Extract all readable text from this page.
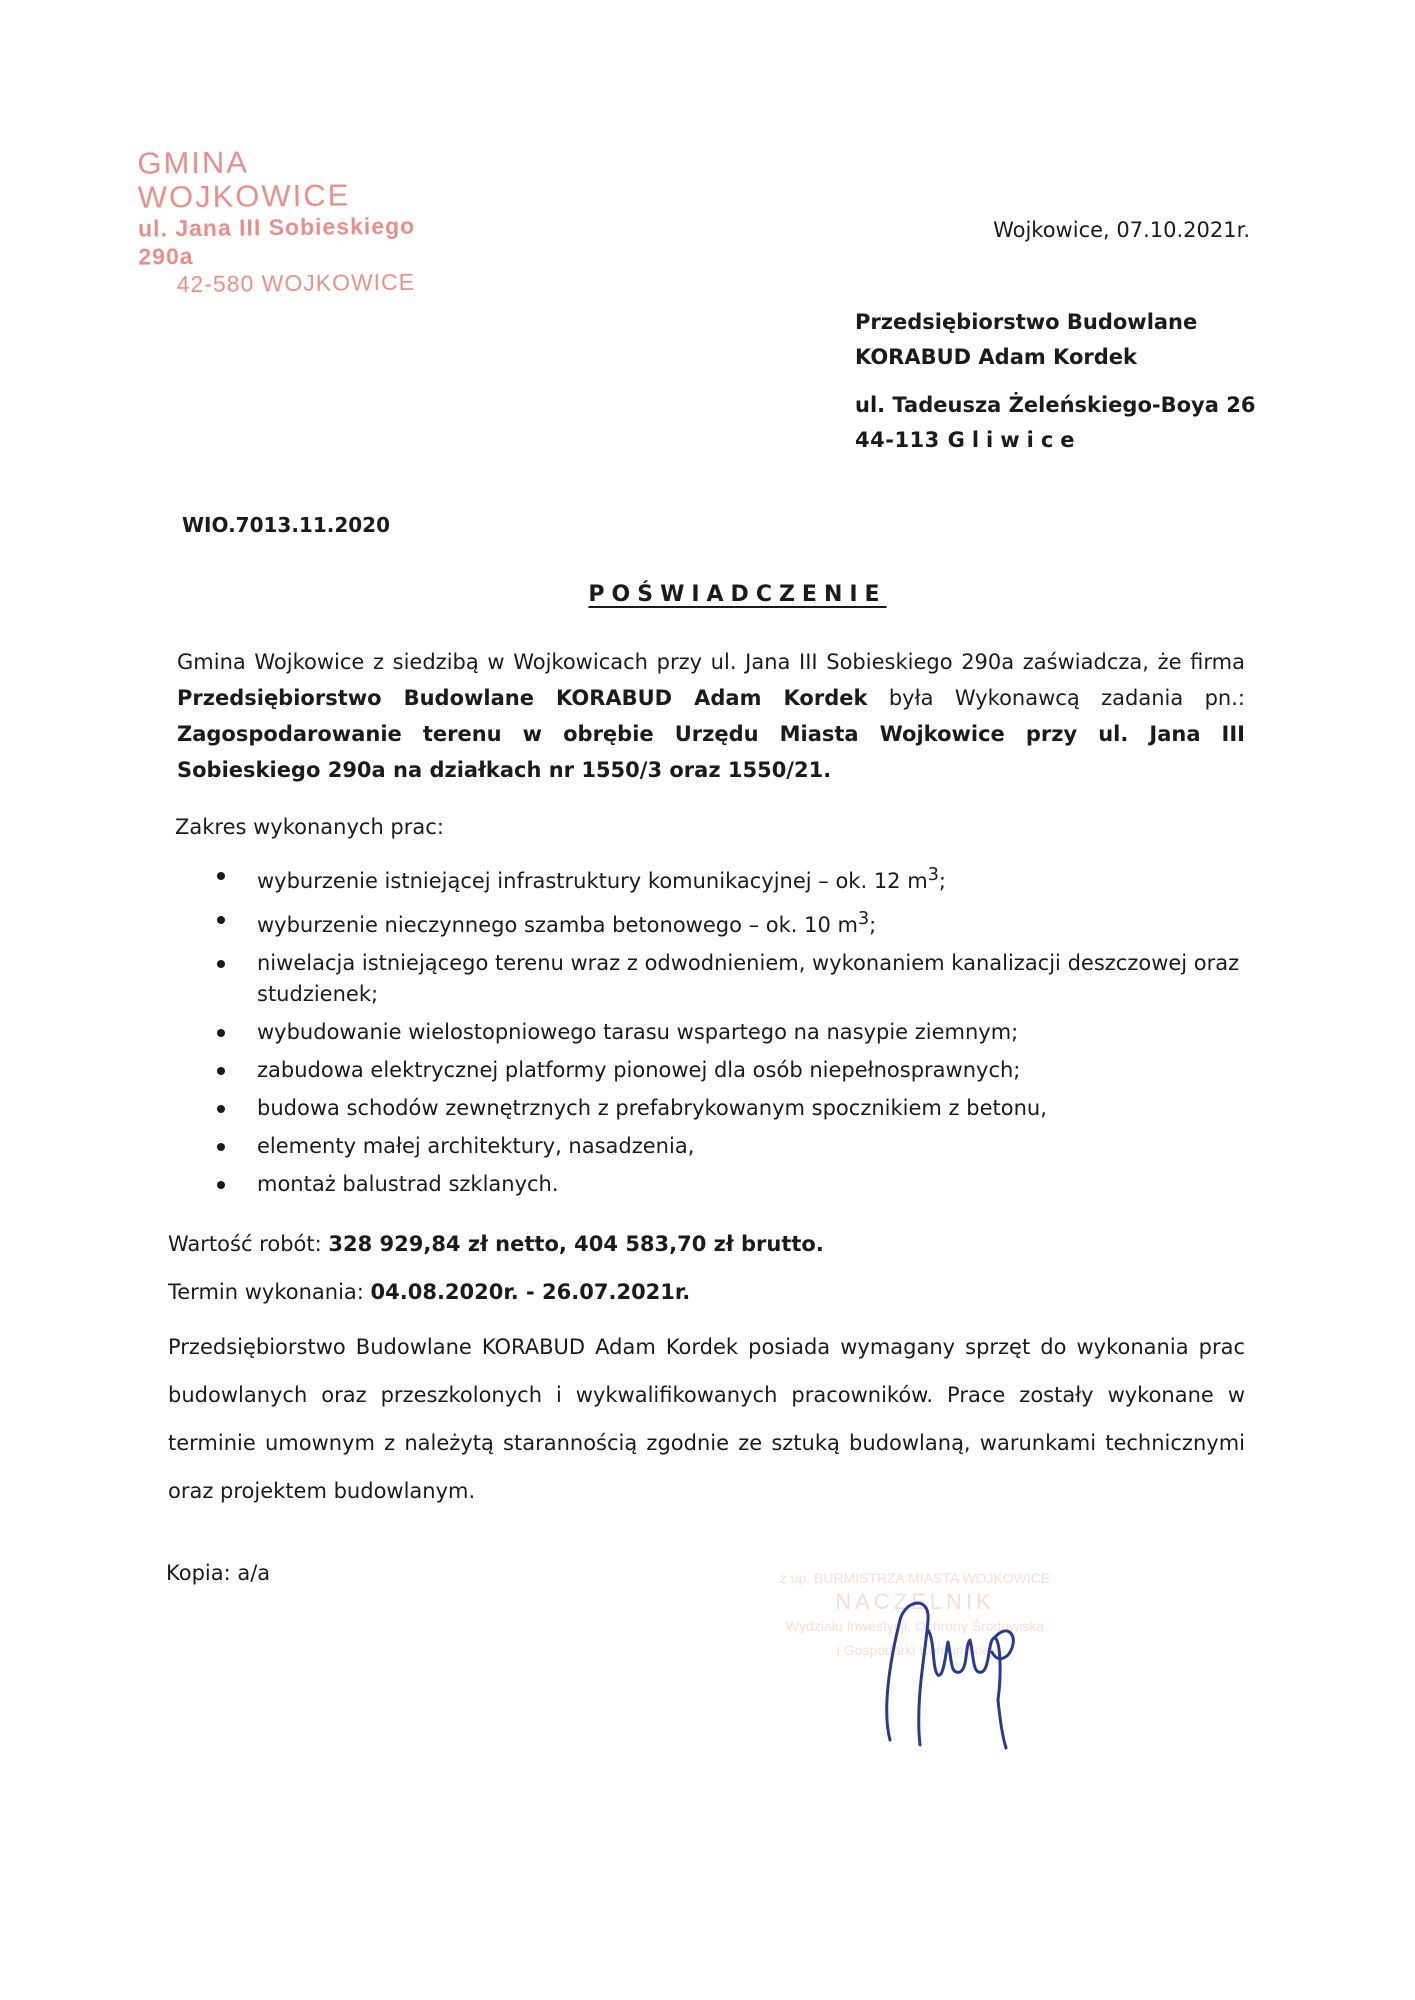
GMINA WOJKOWICE
ul. Jana III Sobieskiego 290a
42-580 WOJKOWICE
Wojkowice, 07.10.2021r.
Przedsiębiorstwo Budowlane
KORABUD Adam Kordek
ul. Tadeusza Żeleńskiego-Boya 26
44-113 Gliwice
WIO.7013.11.2020
POŚWIADCZENIE
Gmina Wojkowice z siedzibą w Wojkowicach przy ul. Jana III Sobieskiego 290a zaświadcza, że firma Przedsiębiorstwo Budowlane KORABUD Adam Kordek była Wykonawcą zadania pn.: Zagospodarowanie terenu w obrębie Urzędu Miasta Wojkowice przy ul. Jana III Sobieskiego 290a na działkach nr 1550/3 oraz 1550/21.
Zakres wykonanych prac:
wyburzenie istniejącej infrastruktury komunikacyjnej – ok. 12 $m^3$;
wyburzenie nieczynnego szamba betonowego – ok. 10 $m^3$;
niwelacja istniejącego terenu wraz z odwodnieniem, wykonaniem kanalizacji deszczowej oraz studzienek;
wybudowanie wielostopniowego tarasu wspartego na nasypie ziemnym;
zabudowa elektrycznej platformy pionowej dla osób niepełnosprawnych;
budowa schodów zewnętrznych z prefabrykowanym spocznikiem z betonu,
elementy małej architektury, nasadzenia,
montaż balustrad szklanych.
Wartość robót: 328 929,84 zł netto, 404 583,70 zł brutto.
Termin wykonania: 04.08.2020r. - 26.07.2021r.
Przedsiębiorstwo Budowlane KORABUD Adam Kordek posiada wymagany sprzęt do wykonania prac budowlanych oraz przeszkolonych i wykwalifikowanych pracowników. Prace zostały wykonane w terminie umownym z należytą starannością zgodnie ze sztuką budowlaną, warunkami technicznymi oraz projektem budowlanym.
Kopia: a/a	z up. BURMISTRZA MIASTA WOJKOWICE
NACZELNIK
Wydziału Inwestycji, Ochrony Środowiska
i Gospodarki Komunalnej
